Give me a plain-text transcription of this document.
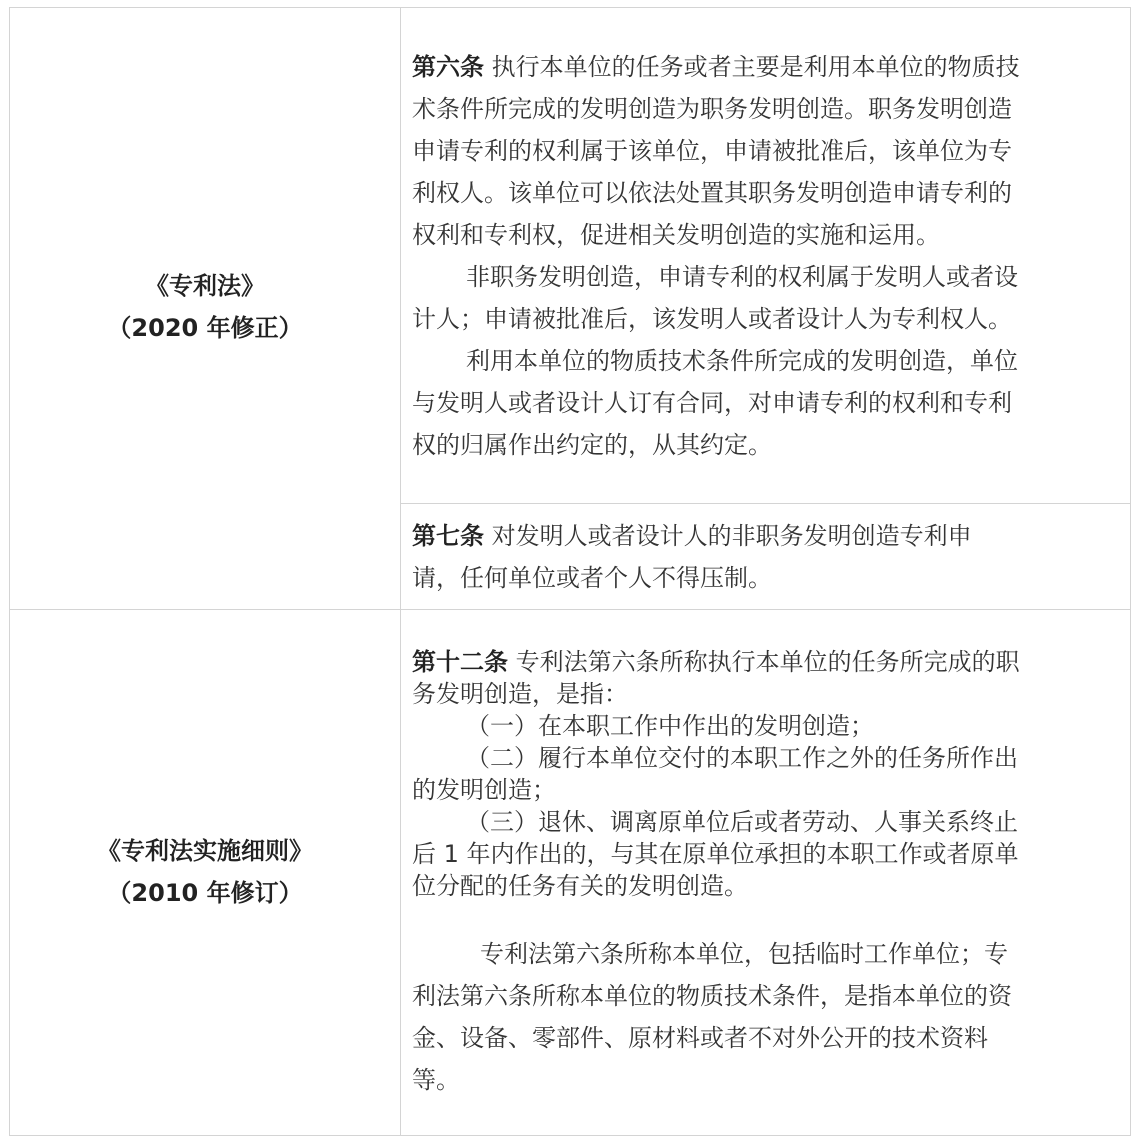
《专利法》
（2020 年修正）
《专利法实施细则》
（2010 年修订）

第六条 执行本单位的任务或者主要是利用本单位的物质技

术条件所完成的发明创造为职务发明创造。职务发明创造

申请专利的权利属于该单位，申请被批准后，该单位为专

利权人。该单位可以依法处置其职务发明创造申请专利的

权利和专利权，促进相关发明创造的实施和运用。

非职务发明创造，申请专利的权利属于发明人或者设

计人；申请被批准后，该发明人或者设计人为专利权人。

利用本单位的物质技术条件所完成的发明创造，单位

与发明人或者设计人订有合同，对申请专利的权利和专利

权的归属作出约定的，从其约定。

第七条 对发明人或者设计人的非职务发明创造专利申

请，任何单位或者个人不得压制。

第十二条 专利法第六条所称执行本单位的任务所完成的职

务发明创造，是指：

（一）在本职工作中作出的发明创造；

（二）履行本单位交付的本职工作之外的任务所作出

的发明创造；

（三）退休、调离原单位后或者劳动、人事关系终止

后 1 年内作出的，与其在原单位承担的本职工作或者原单

位分配的任务有关的发明创造。

专利法第六条所称本单位，包括临时工作单位；专

利法第六条所称本单位的物质技术条件，是指本单位的资

金、设备、零部件、原材料或者不对外公开的技术资料

等。
